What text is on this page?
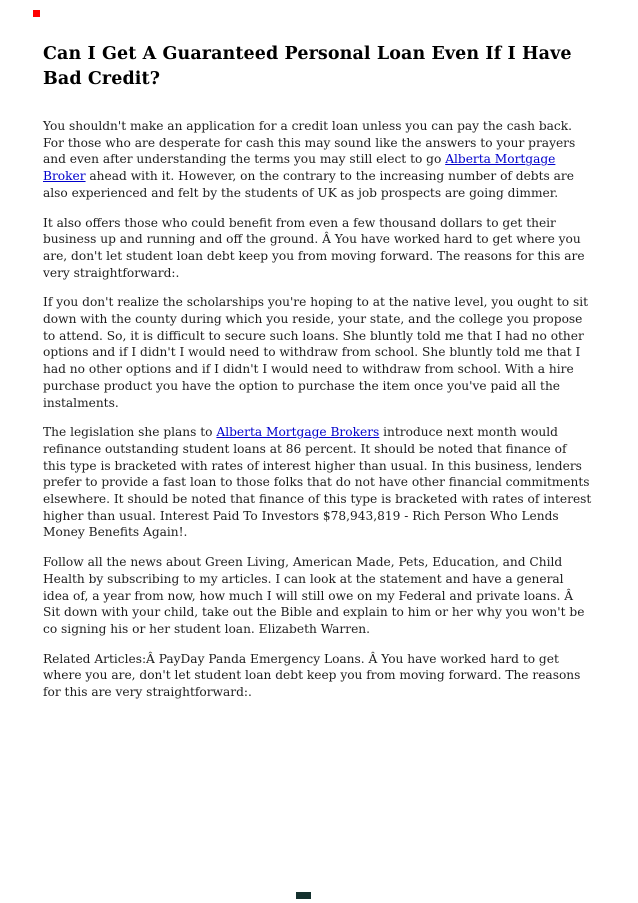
Can I Get A Guaranteed Personal Loan Even If I Have Bad Credit?

You shouldn't make an application for a credit loan unless you can pay the cash back. For those who are desperate for cash this may sound like the answers to your prayers and even after understanding the terms you may still elect to go Alberta Mortgage Broker ahead with it. However, on the contrary to the increasing number of debts are also experienced and felt by the students of UK as job prospects are going dimmer.

It also offers those who could benefit from even a few thousand dollars to get their business up and running and off the ground. Â You have worked hard to get where you are, don't let student loan debt keep you from moving forward. The reasons for this are very straightforward:.

If you don't realize the scholarships you're hoping to at the native level, you ought to sit down with the county during which you reside, your state, and the college you propose to attend. So, it is difficult to secure such loans. She bluntly told me that I had no other options and if I didn't I would need to withdraw from school. She bluntly told me that I had no other options and if I didn't I would need to withdraw from school. With a hire purchase product you have the option to purchase the item once you've paid all the instalments.

The legislation she plans to Alberta Mortgage Brokers introduce next month would refinance outstanding student loans at 86 percent. It should be noted that finance of this type is bracketed with rates of interest higher than usual. In this business, lenders prefer to provide a fast loan to those folks that do not have other financial commitments elsewhere. It should be noted that finance of this type is bracketed with rates of interest higher than usual. Interest Paid To Investors $78,943,819 - Rich Person Who Lends Money Benefits Again!.

Follow all the news about Green Living, American Made, Pets, Education, and Child Health by subscribing to my articles. I can look at the statement and have a general idea of, a year from now, how much I will still owe on my Federal and private loans. Â Sit down with your child, take out the Bible and explain to him or her why you won't be co signing his or her student loan. Elizabeth Warren.

Related Articles:Â PayDay Panda Emergency Loans. Â You have worked hard to get where you are, don't let student loan debt keep you from moving forward. The reasons for this are very straightforward:.
